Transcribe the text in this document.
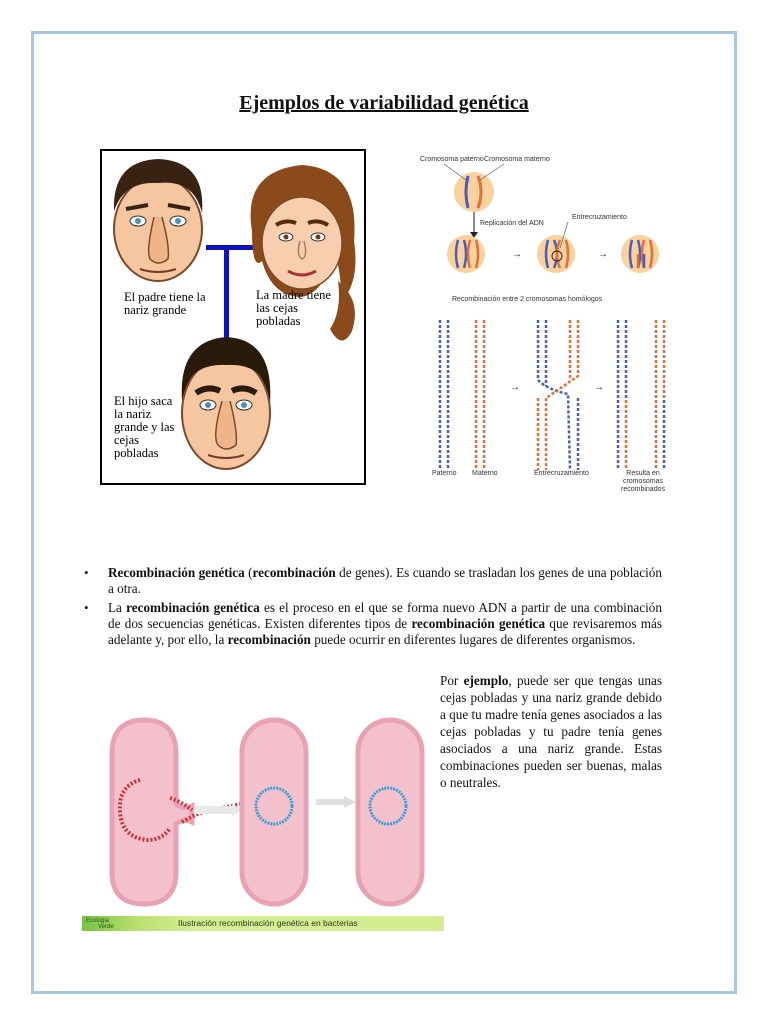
Ejemplos de variabilidad genética
El padre tiene la nariz grande
La madre tiene las cejas pobladas
El hijo saca la nariz grande y las cejas pobladas
→	→
→	→
Cromosoma paterno Cromosoma materno
Replicación del ADN
Entrecruzamiento
Recombinación entre 2 cromosomas homólogos
Paterno Materno	Entrecruzamiento	Resulta en cromosomas recombinados
• Recombinación genética (recombinación de genes). Es cuando se trasladan los genes de una población a otra.
• La recombinación genética es el proceso en el que se forma nuevo ADN a partir de una combinación de dos secuencias genéticas. Existen diferentes tipos de recombinación genética que revisaremos más adelante y, por ello, la recombinación puede ocurrir en diferentes lugares de diferentes organismos.

Por ejemplo, puede ser que tengas unas cejas pobladas y una nariz grande debido a que tu madre tenía genes asociados a las cejas pobladas y tu padre tenía genes asociados a una nariz grande. Estas combinaciones pueden ser buenas, malas o neutrales.

Ecologia
Verde	Ilustración recombinación genética en bacterias
